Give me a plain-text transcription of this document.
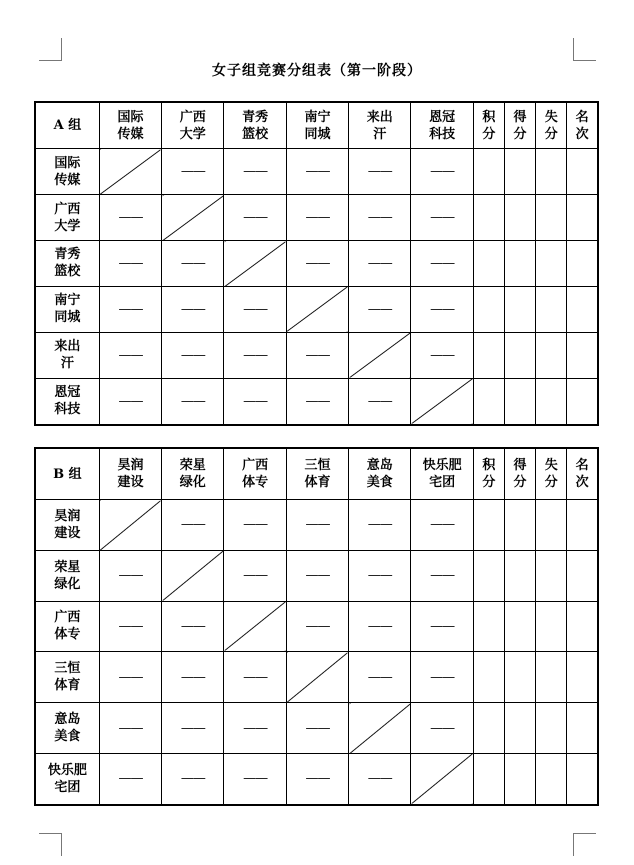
女子组竞赛分组表（第一阶段）
A 组	国际传媒	广西大学	青秀篮校	南宁同城	来出汗	恩冠科技	积分	得分	失分	名次
国际传媒		——	——	——	——	——				
广西大学	——		——	——	——	——				
青秀篮校	——	——		——	——	——				
南宁同城	——	——	——		——	——				
来出汗	——	——	——	——		——				
恩冠科技	——	——	——	——	——					
B 组	昊润建设	荣星绿化	广西体专	三恒体育	意岛美食	快乐肥宅团	积分	得分	失分	名次
昊润建设		——	——	——	——	——				
荣星绿化	——		——	——	——	——				
广西体专	——	——		——	——	——				
三恒体育	——	——	——		——	——				
意岛美食	——	——	——	——		——				
快乐肥宅团	——	——	——	——	——					
